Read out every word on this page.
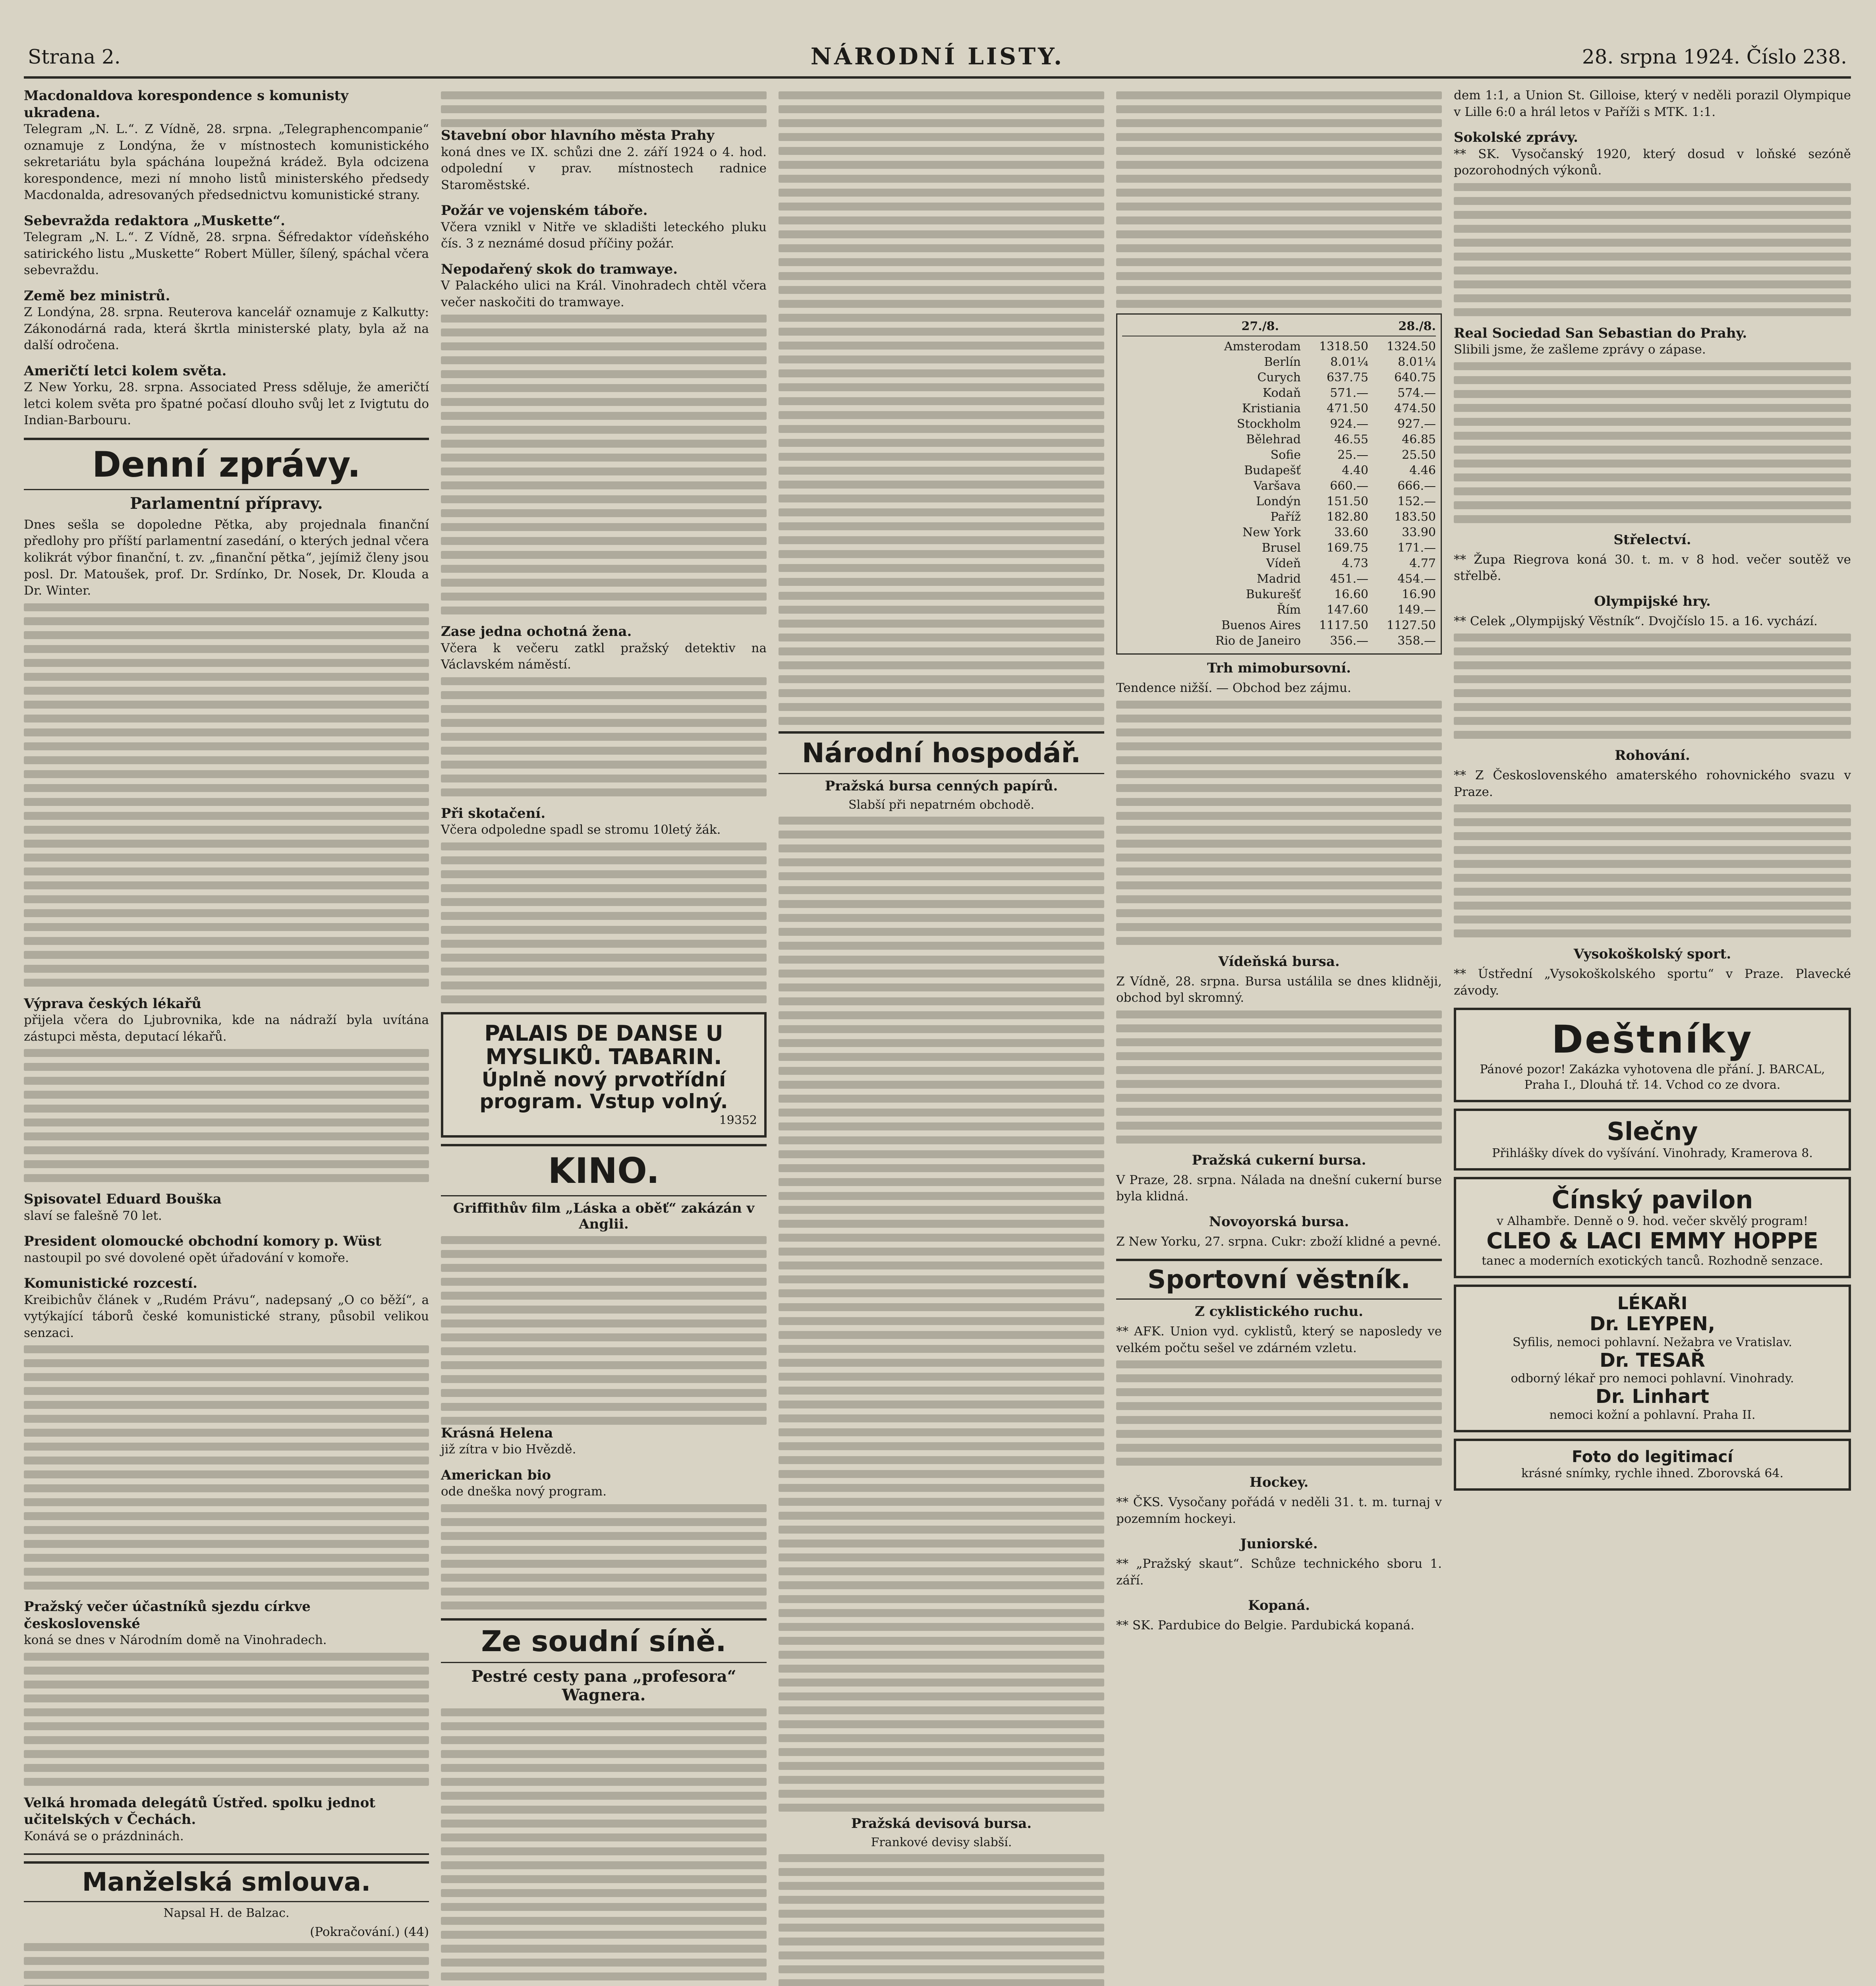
Strana 2.	NÁRODNÍ LISTY.	28. srpna 1924. Číslo 238.
Macdonaldova korespondence s komunisty ukradena.
Telegram „N. L.“. Z Vídně, 28. srpna. „Telegraphencompanie“ oznamuje z Londýna, že v místnostech komunistického sekretariátu byla spáchána loupežná krádež. Byla odcizena korespondence, mezi ní mnoho listů ministerského předsedy Macdonalda, adresovaných předsednictvu komunistické strany.
Sebevražda redaktora „Muskette“.
Telegram „N. L.“. Z Vídně, 28. srpna. Šéfredaktor vídeňského satirického listu „Muskette“ Robert Müller, šílený, spáchal včera sebevraždu.
Země bez ministrů.
Z Londýna, 28. srpna. Reuterova kancelář oznamuje z Kalkutty: Zákonodárná rada, která škrtla ministerské platy, byla až na další odročena.
Američtí letci kolem světa.
Z New Yorku, 28. srpna. Associated Press sděluje, že američtí letci kolem světa pro špatné počasí dlouho svůj let z Ivigtutu do Indian-Barbouru.
Denní zprávy.
Parlamentní přípravy.
Dnes sešla se dopoledne Pětka, aby projednala finanční předlohy pro příští parlamentní zasedání, o kterých jednal včera kolikrát výbor finanční, t. zv. „finanční pětka“, jejímiž členy jsou posl. Dr. Matoušek, prof. Dr. Srdínko, Dr. Nosek, Dr. Klouda a Dr. Winter.
Výprava českých lékařů
přijela včera do Ljubrovnika, kde na nádraží byla uvítána zástupci města, deputací lékařů.
Spisovatel Eduard Bouška
slaví se falešně 70 let.
President olomoucké obchodní komory p. Wüst
nastoupil po své dovolené opět úřadování v komoře.
Komunistické rozcestí.
Kreibichův článek v „Rudém Právu“, nadepsaný „O co běží“, a vytýkající táborů české komunistické strany, působil velikou senzaci.
Pražský večer účastníků sjezdu církve československé
koná se dnes v Národním domě na Vinohradech.
Velká hromada delegátů Ústřed. spolku jednot učitelských v Čechách.
Konává se o prázdninách.
Manželská smlouva.
Napsal H. de Balzac.
(Pokračování.) (44)
Stavební obor hlavního města Prahy
koná dnes ve IX. schůzi dne 2. září 1924 o 4. hod. odpolední v prav. místnostech radnice Staroměstské.
Požár ve vojenském táboře.
Včera vznikl v Nitře ve skladišti leteckého pluku čís. 3 z neznámé dosud příčiny požár.
Nepodařený skok do tramwaye.
V Palackého ulici na Král. Vinohradech chtěl včera večer naskočiti do tramwaye.
Zase jedna ochotná žena.
Včera k večeru zatkl pražský detektiv na Václavském náměstí.
Při skotačení.
Včera odpoledne spadl se stromu 10letý žák.
PALAIS DE DANSE U MYSLIKŮ. TABARIN.
Úplně nový prvotřídní program. Vstup volný.
19352
KINO.
Griffithův film „Láska a oběť“ zakázán v Anglii.
Krásná Helena
již zítra v bio Hvězdě.
Americkan bio
ode dneška nový program.
Ze soudní síně.
Pestré cesty pana „profesora“ Wagnera.
Národní hospodář.
Pražská bursa cenných papírů.
Slabší při nepatrném obchodě.
Pražská devisová bursa.
Frankové devisy slabší.
27./8.	28./8.
Amsterodam	1318.50	1324.50
Berlín	8.01¼	8.01¼
Curych	637.75	640.75
Kodaň	571.—	574.—
Kristiania	471.50	474.50
Stockholm	924.—	927.—
Bělehrad	46.55	46.85
Sofie	25.—	25.50
Budapešť	4.40	4.46
Varšava	660.—	666.—
Londýn	151.50	152.—
Paříž	182.80	183.50
New York	33.60	33.90
Brusel	169.75	171.—
Vídeň	4.73	4.77
Madrid	451.—	454.—
Bukurešť	16.60	16.90
Řím	147.60	149.—
Buenos Aires	1117.50	1127.50
Rio de Janeiro	356.—	358.—
Trh mimobursovní.
Tendence nižší. — Obchod bez zájmu.
Vídeňská bursa.
Z Vídně, 28. srpna. Bursa ustálila se dnes klidněji, obchod byl skromný.
Pražská cukerní bursa.
V Praze, 28. srpna. Nálada na dnešní cukerní burse byla klidná.
Novoyorská bursa.
Z New Yorku, 27. srpna. Cukr: zboží klidné a pevné.
Sportovní věstník.
Z cyklistického ruchu.
** AFK. Union vyd. cyklistů, který se naposledy ve velkém počtu sešel ve zdárném vzletu.
Hockey.
** ČKS. Vysočany pořádá v neděli 31. t. m. turnaj v pozemním hockeyi.
Juniorské.
** „Pražský skaut“. Schůze technického sboru 1. září.
Kopaná.
** SK. Pardubice do Belgie. Pardubická kopaná.
dem 1:1, a Union St. Gilloise, který v neděli porazil Olympique v Lille 6:0 a hrál letos v Paříži s MTK. 1:1.
Sokolské zprávy.
** SK. Vysočanský 1920, který dosud v loňské sezóně pozorohodných výkonů.
Real Sociedad San Sebastian do Prahy.
Slibili jsme, že zašleme zprávy o zápase.
Střelectví.
** Župa Riegrova koná 30. t. m. v 8 hod. večer soutěž ve střelbě.
Olympijské hry.
** Celek „Olympijský Věstník“. Dvojčíslo 15. a 16. vychází.
Rohování.
** Z Československého amaterského rohovnického svazu v Praze.
Vysokoškolský sport.
** Ústřední „Vysokoškolského sportu“ v Praze. Plavecké závody.
Deštníky
Pánové pozor! Zakázka vyhotovena dle přání. J. BARCAL, Praha I., Dlouhá tř. 14. Vchod co ze dvora.
Slečny
Přihlášky dívek do vyšívání. Vinohrady, Kramerova 8.
Čínský pavilon
v Alhambře. Denně o 9. hod. večer skvělý program!
CLEO & LACI EMMY HOPPE
tanec a moderních exotických tanců. Rozhodně senzace.
LÉKAŘI
Dr. LEYPEN,
Syfilis, nemoci pohlavní. Nežabra ve Vratislav.
Dr. TESAŘ
odborný lékař pro nemoci pohlavní. Vinohrady.
Dr. Linhart
nemoci kožní a pohlavní. Praha II.
Foto do legitimací
krásné snímky, rychle ihned. Zborovská 64.
